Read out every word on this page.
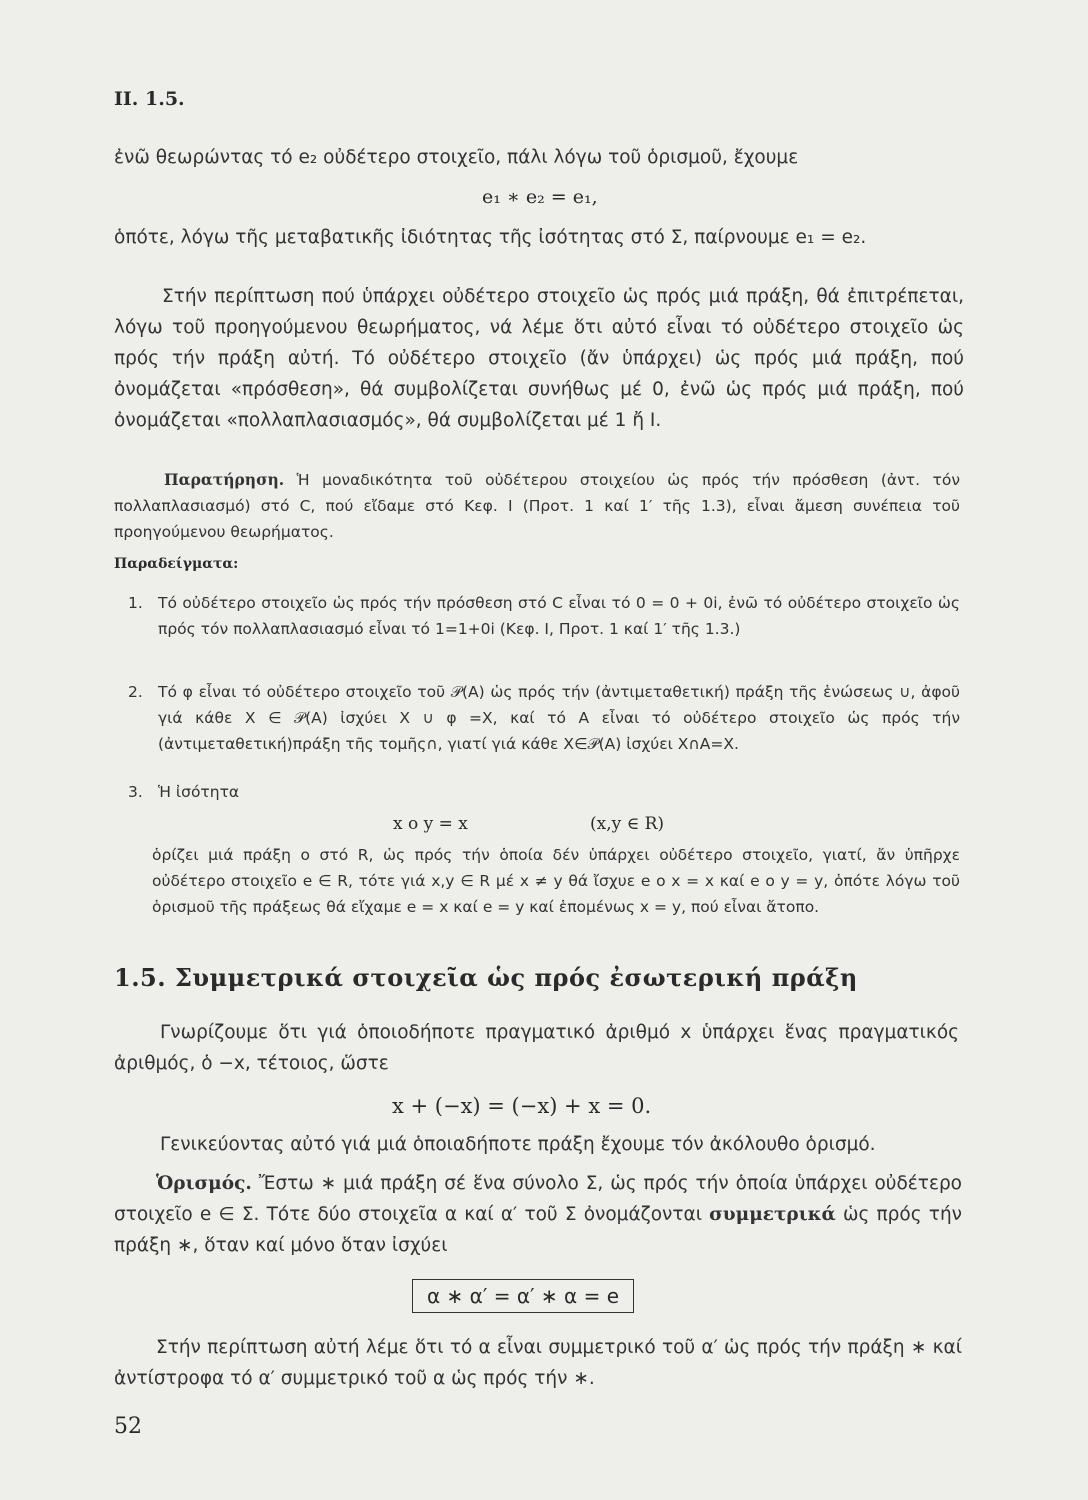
II. 1.5.

ἐνῶ θεωρώντας τό e₂ οὐδέτερο στοιχεῖο, πάλι λόγω τοῦ ὁρισμοῦ, ἔχουμε

e₁ ∗ e₂ = e₁,

ὁπότε, λόγω τῆς μεταβατικῆς ἰδιότητας τῆς ἰσότητας στό Σ, παίρνουμε e₁ = e₂.

Στήν περίπτωση πού ὑπάρχει οὐδέτερο στοιχεῖο ὡς πρός μιά πράξη, θά ἐπιτρέπεται, λόγω τοῦ προηγούμενου θεωρήματος, νά λέμε ὅτι αὐτό εἶναι τό οὐδέτερο στοιχεῖο ὡς πρός τήν πράξη αὐτή. Τό οὐδέτερο στοιχεῖο (ἄν ὑπάρχει) ὡς πρός μιά πράξη, πού ὀνομάζεται «πρόσθεση», θά συμβολίζεται συνήθως μέ 0, ἐνῶ ὡς πρός μιά πράξη, πού ὀνομάζεται «πολλαπλασιασμός», θά συμβολίζεται μέ 1 ἤ I.

Παρατήρηση. Ἡ μοναδικότητα τοῦ οὐδέτερου στοιχείου ὡς πρός τήν πρόσθεση (ἀντ. τόν πολλαπλασιασμό) στό C, πού εἴδαμε στό Κεφ. I (Προτ. 1 καί 1′ τῆς 1.3), εἶναι ἄμεση συνέπεια τοῦ προηγούμενου θεωρήματος.

Παραδείγματα:
1. Τό οὐδέτερο στοιχεῖο ὡς πρός τήν πρόσθεση στό C εἶναι τό 0 = 0 + 0i, ἐνῶ τό οὐδέτερο στοιχεῖο ὡς πρός τόν πολλαπλασιασμό εἶναι τό 1=1+0i (Κεφ. I, Προτ. 1 καί 1′ τῆς 1.3.)
2. Τό φ εἶναι τό οὐδέτερο στοιχεῖο τοῦ 𝒫(A) ὡς πρός τήν (ἀντιμεταθετική) πράξη τῆς ἑνώσεως ∪, ἀφοῦ γιά κάθε X ∈ 𝒫(A) ἰσχύει X ∪ φ =X, καί τό A εἶναι τό οὐδέτερο στοιχεῖο ὡς πρός τήν (ἀντιμεταθετική)πράξη τῆς τομῆς∩, γιατί γιά κάθε X∈𝒫(A) ἰσχύει X∩A=X.
3. Ἡ ἰσότητα

x o y = x	(x,y ∈ R)

ὁρίζει μιά πράξη o στό R, ὡς πρός τήν ὁποία δέν ὑπάρχει οὐδέτερο στοιχεῖο, γιατί, ἄν ὑπῆρχε οὐδέτερο στοιχεῖο e ∈ R, τότε γιά x,y ∈ R μέ x ≠ y θά ἴσχυε e o x = x καί e o y = y, ὁπότε λόγω τοῦ ὁρισμοῦ τῆς πράξεως θά εἴχαμε e = x καί e = y καί ἑπομένως x = y, πού εἶναι ἄτοπο.

1.5. Συμμετρικά στοιχεῖα ὡς πρός ἐσωτερική πράξη

Γνωρίζουμε ὅτι γιά ὁποιοδήποτε πραγματικό ἀριθμό x ὑπάρχει ἕνας πραγματικός ἀριθμός, ὁ −x, τέτοιος, ὥστε

x + (−x) = (−x) + x = 0.

Γενικεύοντας αὐτό γιά μιά ὁποιαδήποτε πράξη ἔχουμε τόν ἀκόλουθο ὁρισμό.

Ὁρισμός. Ἔστω ∗ μιά πράξη σέ ἕνα σύνολο Σ, ὡς πρός τήν ὁποία ὑπάρχει οὐδέτερο στοιχεῖο e ∈ Σ. Τότε δύο στοιχεῖα α καί α′ τοῦ Σ ὀνομάζονται συμμετρικά ὡς πρός τήν πράξη ∗, ὅταν καί μόνο ὅταν ἰσχύει

α ∗ α′ = α′ ∗ α = e

Στήν περίπτωση αὐτή λέμε ὅτι τό α εἶναι συμμετρικό τοῦ α′ ὡς πρός τήν πράξη ∗ καί ἀντίστροφα τό α′ συμμετρικό τοῦ α ὡς πρός τήν ∗.

52
